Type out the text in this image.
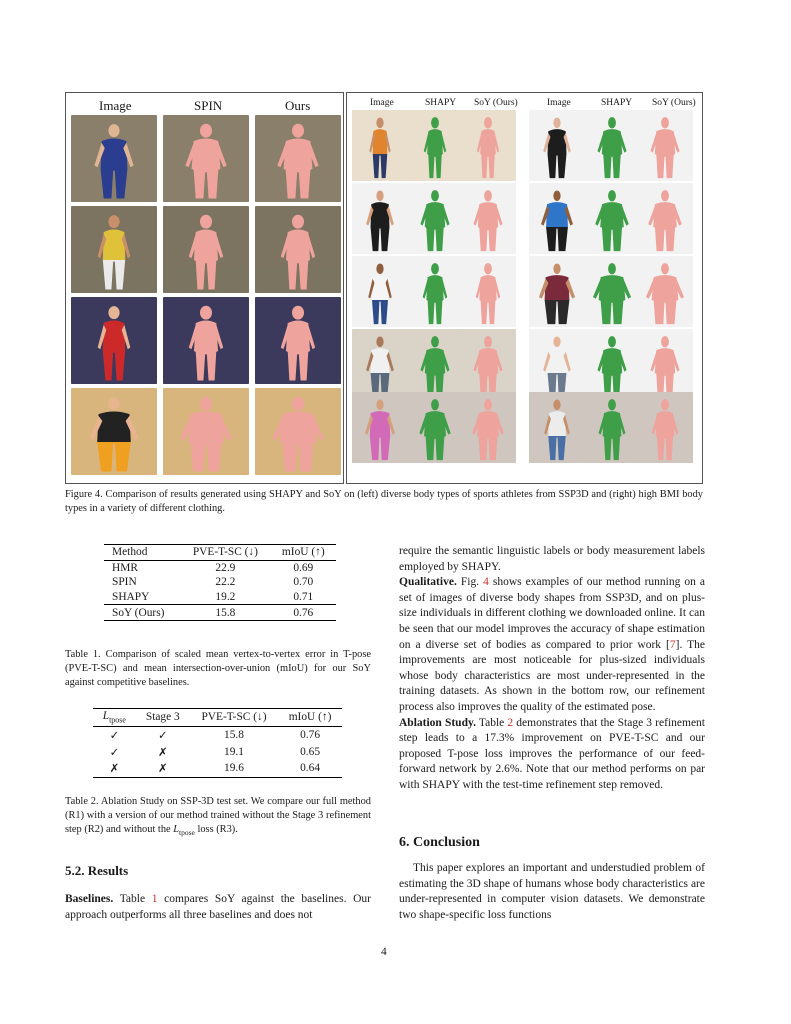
Image	SPIN	Ours	Image	SHAPY SoY (Ours)	Image	SHAPY SoY (Ours)
Figure 4. Comparison of results generated using SHAPY and SoY on (left) diverse body types of sports athletes from SSP3D and (right) high BMI body types in a variety of different clothing.
Method	PVE-T-SC (↓)	mIoU (↑)
HMR	22.9	0.69
SPIN	22.2	0.70
SHAPY	19.2	0.71
SoY (Ours)	15.8	0.76
Table 1. Comparison of scaled mean vertex-to-vertex error in T-pose (PVE-T-SC) and mean intersection-over-union (mIoU) for our SoY against competitive baselines.
$L_{tpose}$	Stage 3	PVE-T-SC (↓)	mIoU (↑)
✓	✓	15.8	0.76
✓	✗	19.1	0.65
✗	✗	19.6	0.64
Table 2. Ablation Study on SSP-3D test set. We compare our full method (R1) with a version of our method trained without the Stage 3 refinement step (R2) and without the $L_{tpose}$ loss (R3).
5.2. Results
Baselines. Table 1 compares SoY against the baselines. Our approach outperforms all three baselines and does not
require the semantic linguistic labels or body measurement labels employed by SHAPY.
Qualitative. Fig. 4 shows examples of our method running on a set of images of diverse body shapes from SSP3D, and on plus-size individuals in different clothing we downloaded online. It can be seen that our model improves the accuracy of shape estimation on a diverse set of bodies as compared to prior work [7]. The improvements are most noticeable for plus-sized individuals whose body characteristics are most under-represented in the training datasets. As shown in the bottom row, our refinement process also improves the quality of the estimated pose.
Ablation Study. Table 2 demonstrates that the Stage 3 refinement step leads to a 17.3% improvement on PVE-T-SC and our proposed T-pose loss improves the performance of our feed-forward network by 2.6%. Note that our method performs on par with SHAPY with the test-time refinement step removed.
6. Conclusion
This paper explores an important and understudied problem of estimating the 3D shape of humans whose body characteristics are under-represented in computer vision datasets. We demonstrate two shape-specific loss functions
4
